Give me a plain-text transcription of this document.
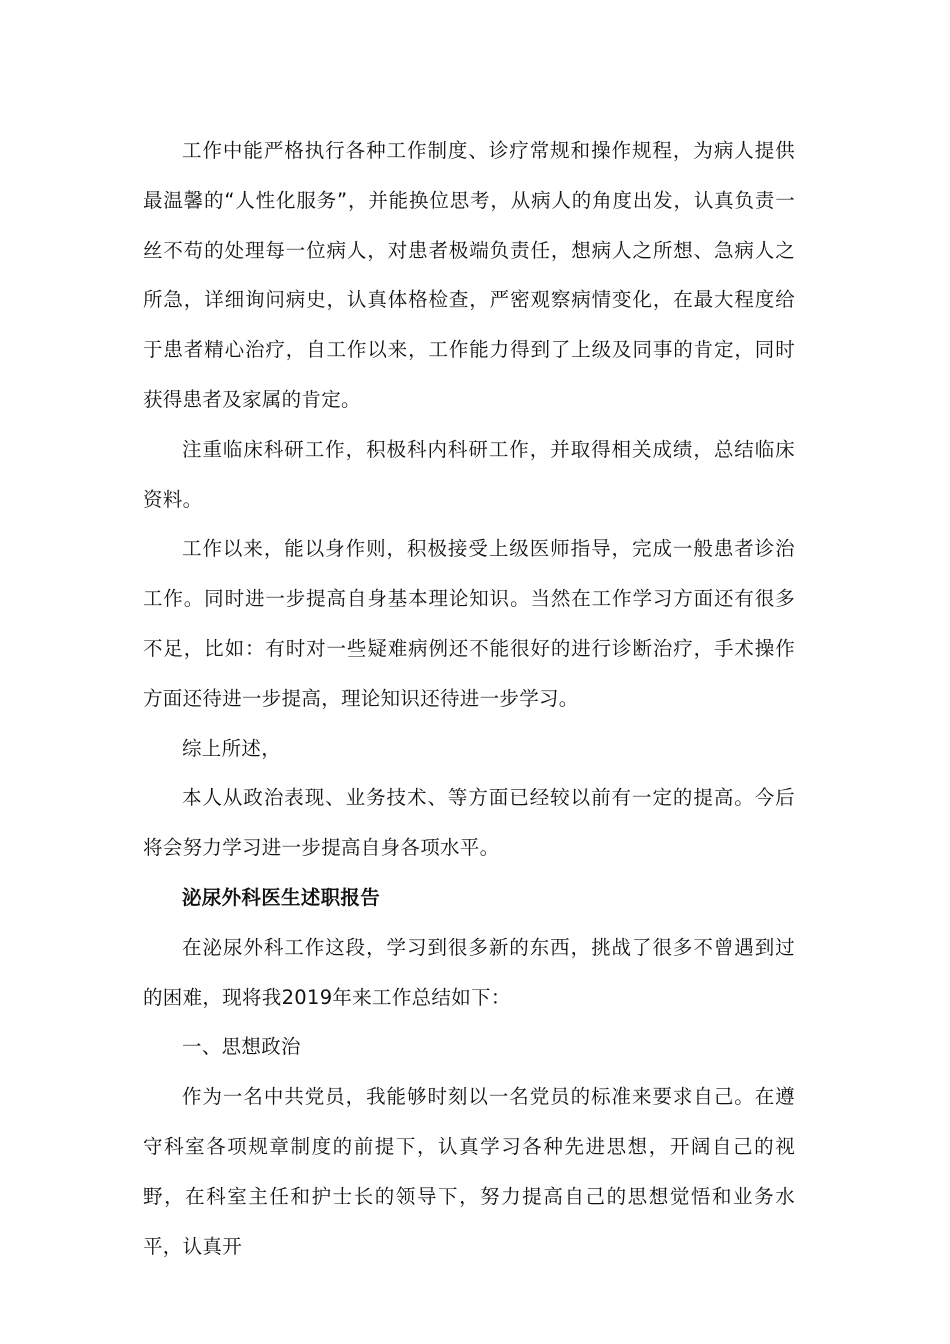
工作中能严格执行各种工作制度、诊疗常规和操作规程，为病人提供最温馨的“人性化服务”，并能换位思考，从病人的角度出发，认真负责一丝不苟的处理每一位病人，对患者极端负责任，想病人之所想、急病人之所急，详细询问病史，认真体格检查，严密观察病情变化，在最大程度给于患者精心治疗，自工作以来，工作能力得到了上级及同事的肯定，同时获得患者及家属的肯定。

注重临床科研工作，积极科内科研工作，并取得相关成绩，总结临床资料。

工作以来，能以身作则，积极接受上级医师指导，完成一般患者诊治工作。同时进一步提高自身基本理论知识。当然在工作学习方面还有很多不足，比如：有时对一些疑难病例还不能很好的进行诊断治疗，手术操作方面还待进一步提高，理论知识还待进一步学习。

综上所述，

本人从政治表现、业务技术、等方面已经较以前有一定的提高。今后将会努力学习进一步提高自身各项水平。

泌尿外科医生述职报告

在泌尿外科工作这段，学习到很多新的东西，挑战了很多不曾遇到过的困难，现将我2019年来工作总结如下：

一、思想政治

作为一名中共党员，我能够时刻以一名党员的标准来要求自己。在遵守科室各项规章制度的前提下，认真学习各种先进思想，开阔自己的视野，在科室主任和护士长的领导下，努力提高自己的思想觉悟和业务水平，认真开
